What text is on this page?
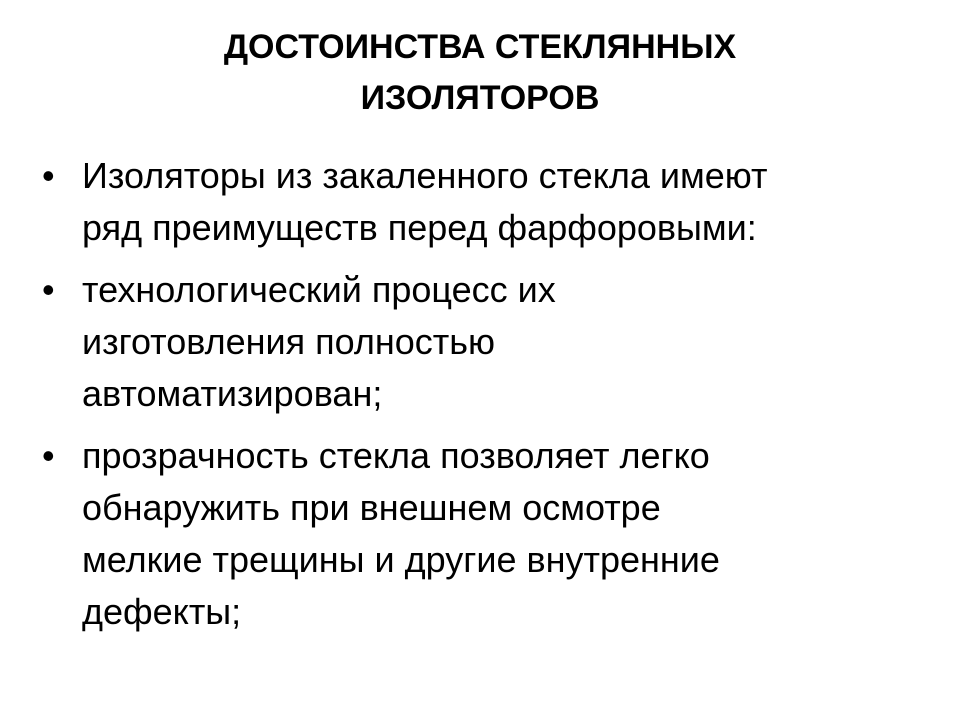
ДОСТОИНСТВА СТЕКЛЯННЫХ
ИЗОЛЯТОРОВ
• Изоляторы из закаленного стекла имеют
ряд преимуществ перед фарфоровыми:
• технологический процесс их
изготовления полностью
автоматизирован;
• прозрачность стекла позволяет легко
обнаружить при внешнем осмотре
мелкие трещины и другие внутренние
дефекты;
